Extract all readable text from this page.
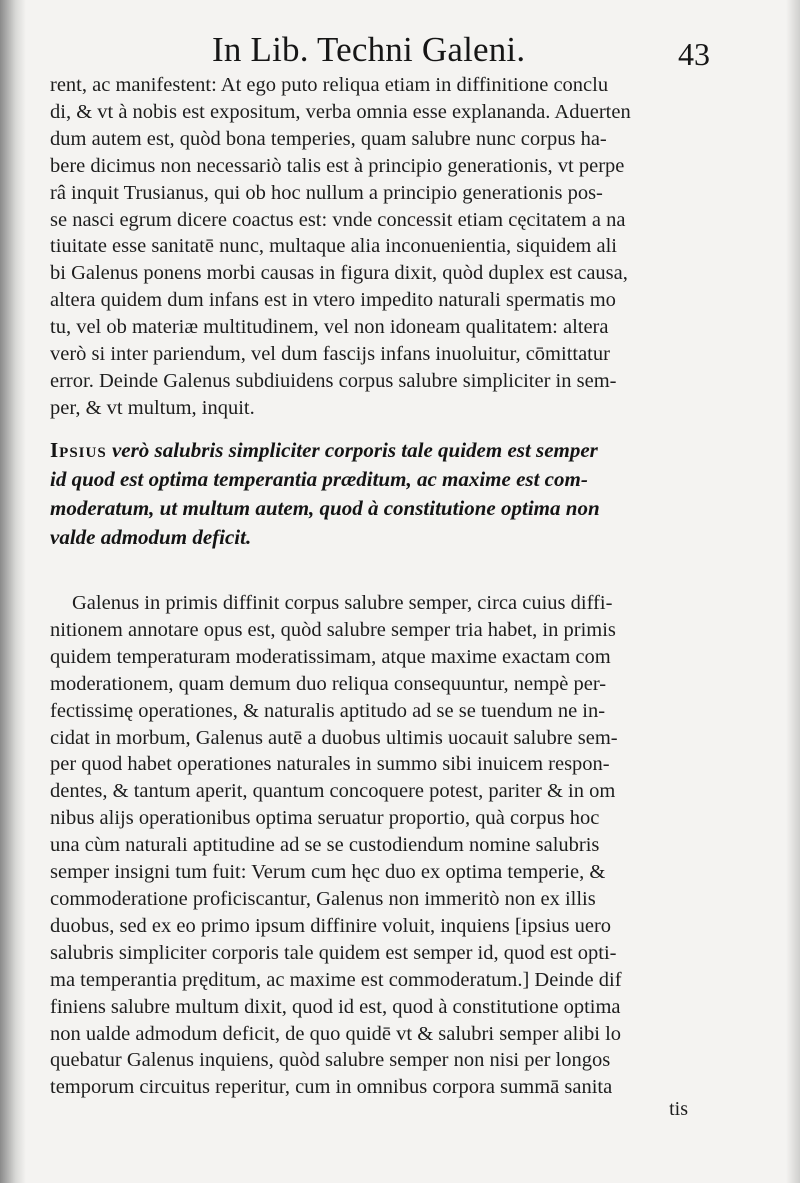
In Lib. Techni Galeni.	43
rent, ac manifestent: At ego puto reliqua etiam in diffinitione conclu
di, & vt à nobis est expositum, verba omnia esse explananda. Aduerten
dum autem est, quòd bona temperies, quam salubre nunc corpus ha-
bere dicimus non necessariò talis est à principio generationis, vt perpe
râ inquit Trusianus, qui ob hoc nullum a principio generationis pos-
se nasci egrum dicere coactus est: vnde concessit etiam cęcitatem a na
tiuitate esse sanitatē nunc, multaque alia inconuenientia, siquidem ali
bi Galenus ponens morbi causas in figura dixit, quòd duplex est causa,
altera quidem dum infans est in vtero impedito naturali spermatis mo
tu, vel ob materiæ multitudinem, vel non idoneam qualitatem: altera
verò si inter pariendum, vel dum fascijs infans inuoluitur, cōmittatur
error. Deinde Galenus subdiuidens corpus salubre simpliciter in sem-
per, & vt multum, inquit.
Ipsius verò salubris simpliciter corporis tale quidem est semper
id quod est optima temperantia præditum, ac maxime est com-
moderatum, ut multum autem, quod à constitutione optima non
valde admodum deficit.
Galenus in primis diffinit corpus salubre semper, circa cuius diffi-
nitionem annotare opus est, quòd salubre semper tria habet, in primis
quidem temperaturam moderatissimam, atque maxime exactam com
moderationem, quam demum duo reliqua consequuntur, nempè per-
fectissimę operationes, & naturalis aptitudo ad se se tuendum ne in-
cidat in morbum, Galenus autē a duobus ultimis uocauit salubre sem-
per quod habet operationes naturales in summo sibi inuicem respon-
dentes, & tantum aperit, quantum concoquere potest, pariter & in om
nibus alijs operationibus optima seruatur proportio, quà corpus hoc
una cùm naturali aptitudine ad se se custodiendum nomine salubris
semper insigni tum fuit: Verum cum hęc duo ex optima temperie, &
commoderatione proficiscantur, Galenus non immeritò non ex illis
duobus, sed ex eo primo ipsum diffinire voluit, inquiens [ipsius uero
salubris simpliciter corporis tale quidem est semper id, quod est opti-
ma temperantia pręditum, ac maxime est commoderatum.] Deinde dif
finiens salubre multum dixit, quod id est, quod à constitutione optima
non ualde admodum deficit, de quo quidē vt & salubri semper alibi lo
quebatur Galenus inquiens, quòd salubre semper non nisi per longos
temporum circuitus reperitur, cum in omnibus corpora summā sanita
tis
